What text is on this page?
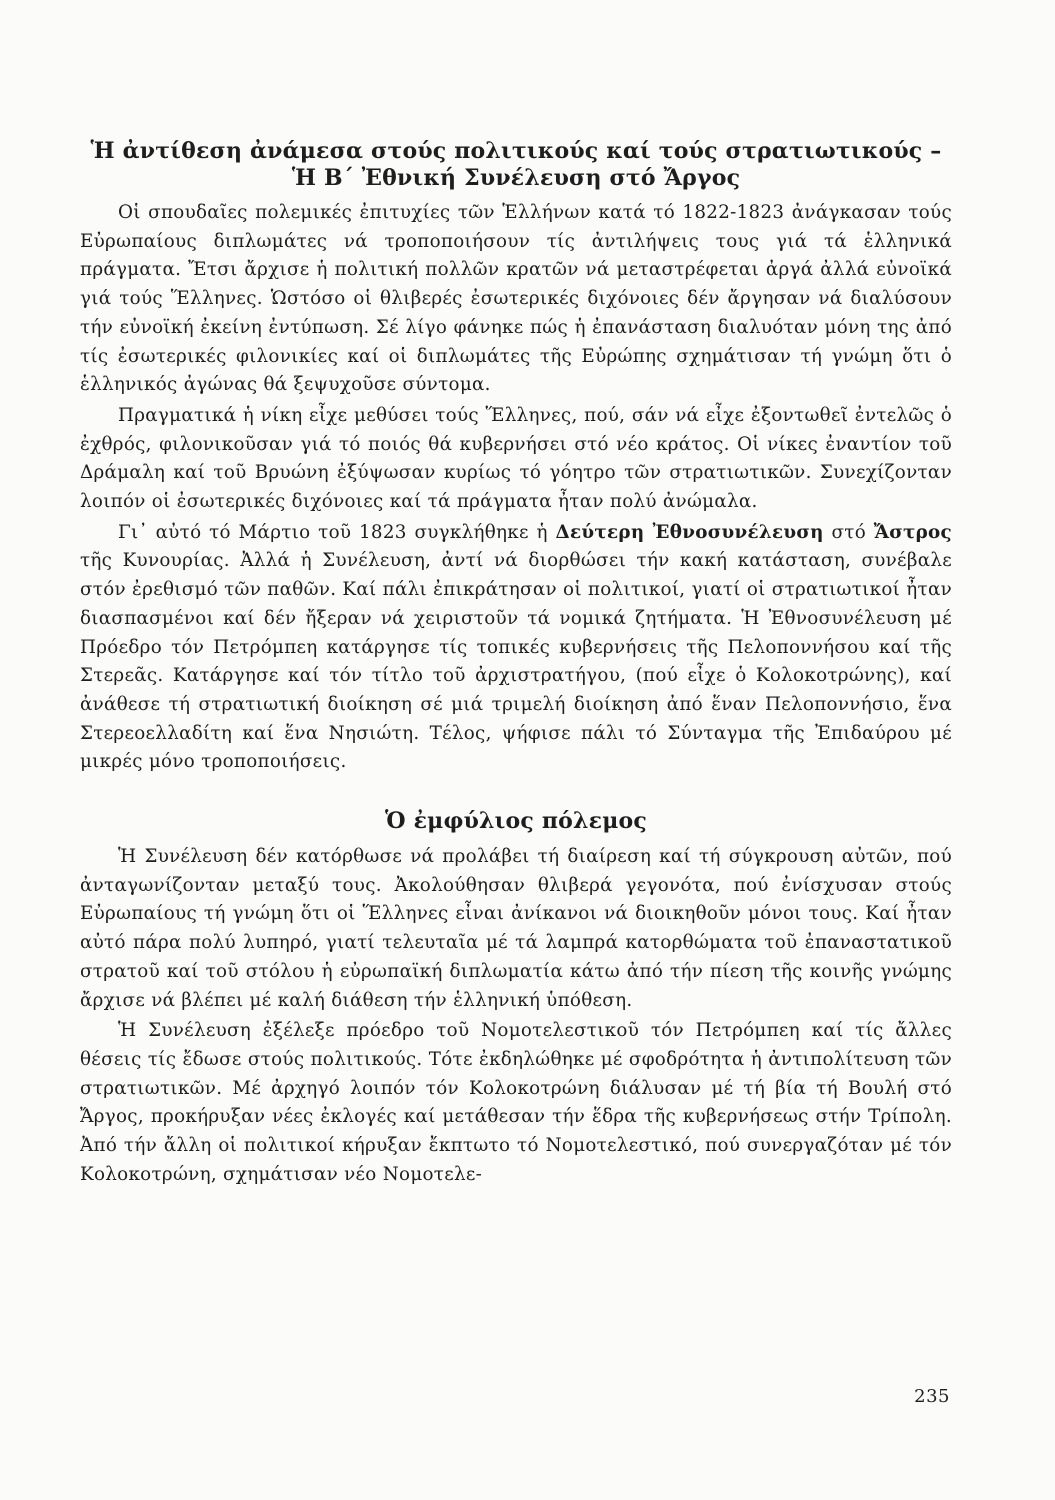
Ἡ ἀντίθεση ἀνάμεσα στούς πολιτικούς καί τούς στρατιωτικούς –
Ἡ Β΄ Ἐθνική Συνέλευση στό Ἄργος

Οἱ σπουδαῖες πολεμικές ἐπιτυχίες τῶν Ἑλλήνων κατά τό 1822-1823 ἀνάγκασαν τούς Εὐρωπαίους διπλωμάτες νά τροποποιήσουν τίς ἀντιλήψεις τους γιά τά ἑλληνικά πράγματα. Ἔτσι ἄρχισε ἡ πολιτική πολλῶν κρατῶν νά μεταστρέφεται ἀργά ἀλλά εὐνοϊκά γιά τούς Ἕλληνες. Ὡστόσο οἱ θλιβερές ἐσωτερικές διχόνοιες δέν ἄργησαν νά διαλύσουν τήν εὐνοϊκή ἐκείνη ἐντύπωση. Σέ λίγο φάνηκε πώς ἡ ἐπανάσταση διαλυόταν μόνη της ἀπό τίς ἐσωτερικές φιλονικίες καί οἱ διπλωμάτες τῆς Εὐρώπης σχημάτισαν τή γνώμη ὅτι ὁ ἑλληνικός ἀγώνας θά ξεψυχοῦσε σύντομα.

Πραγματικά ἡ νίκη εἶχε μεθύσει τούς Ἕλληνες, πού, σάν νά εἶχε ἐξοντωθεῖ ἐντελῶς ὁ ἐχθρός, φιλονικοῦσαν γιά τό ποιός θά κυβερνήσει στό νέο κράτος. Οἱ νίκες ἐναντίον τοῦ Δράμαλη καί τοῦ Βρυώνη ἐξύψωσαν κυρίως τό γόητρο τῶν στρατιωτικῶν. Συνεχίζονταν λοιπόν οἱ ἐσωτερικές διχόνοιες καί τά πράγματα ἦταν πολύ ἀνώμαλα.

Γι᾽ αὐτό τό Μάρτιο τοῦ 1823 συγκλήθηκε ἡ Δεύτερη Ἐθνοσυνέλευση στό Ἄστρος τῆς Κυνουρίας. Ἀλλά ἡ Συνέλευση, ἀντί νά διορθώσει τήν κακή κατάσταση, συνέβαλε στόν ἐρεθισμό τῶν παθῶν. Καί πάλι ἐπικράτησαν οἱ πολιτικοί, γιατί οἱ στρατιωτικοί ἦταν διασπασμένοι καί δέν ἤξεραν νά χειριστοῦν τά νομικά ζητήματα. Ἡ Ἐθνοσυνέλευση μέ Πρόεδρο τόν Πετρόμπεη κατάργησε τίς τοπικές κυβερνήσεις τῆς Πελοποννήσου καί τῆς Στερεᾶς. Κατάργησε καί τόν τίτλο τοῦ ἀρχιστρατήγου, (πού εἶχε ὁ Κολοκοτρώνης), καί ἀνάθεσε τή στρατιωτική διοίκηση σέ μιά τριμελή διοίκηση ἀπό ἕναν Πελοποννήσιο, ἕνα Στερεοελλαδίτη καί ἕνα Νησιώτη. Τέλος, ψήφισε πάλι τό Σύνταγμα τῆς Ἐπιδαύρου μέ μικρές μόνο τροποποιήσεις.

Ὁ ἐμφύλιος πόλεμος

Ἡ Συνέλευση δέν κατόρθωσε νά προλάβει τή διαίρεση καί τή σύγκρουση αὐτῶν, πού ἀνταγωνίζονταν μεταξύ τους. Ἀκολούθησαν θλιβερά γεγονότα, πού ἐνίσχυσαν στούς Εὐρωπαίους τή γνώμη ὅτι οἱ Ἕλληνες εἶναι ἀνίκανοι νά διοικηθοῦν μόνοι τους. Καί ἦταν αὐτό πάρα πολύ λυπηρό, γιατί τελευταῖα μέ τά λαμπρά κατορθώματα τοῦ ἐπαναστατικοῦ στρατοῦ καί τοῦ στόλου ἡ εὐρωπαϊκή διπλωματία κάτω ἀπό τήν πίεση τῆς κοινῆς γνώμης ἄρχισε νά βλέπει μέ καλή διάθεση τήν ἑλληνική ὑπόθεση.

Ἡ Συνέλευση ἐξέλεξε πρόεδρο τοῦ Νομοτελεστικοῦ τόν Πετρόμπεη καί τίς ἄλλες θέσεις τίς ἔδωσε στούς πολιτικούς. Τότε ἐκδηλώθηκε μέ σφοδρότητα ἡ ἀντιπολίτευση τῶν στρατιωτικῶν. Μέ ἀρχηγό λοιπόν τόν Κολοκοτρώνη διάλυσαν μέ τή βία τή Βουλή στό Ἄργος, προκήρυξαν νέες ἐκλογές καί μετάθεσαν τήν ἕδρα τῆς κυβερνήσεως στήν Τρίπολη. Ἀπό τήν ἄλλη οἱ πολιτικοί κήρυξαν ἔκπτωτο τό Νομοτελεστικό, πού συνεργαζόταν μέ τόν Κολοκοτρώνη, σχημάτισαν νέο Νομοτελε-

235
